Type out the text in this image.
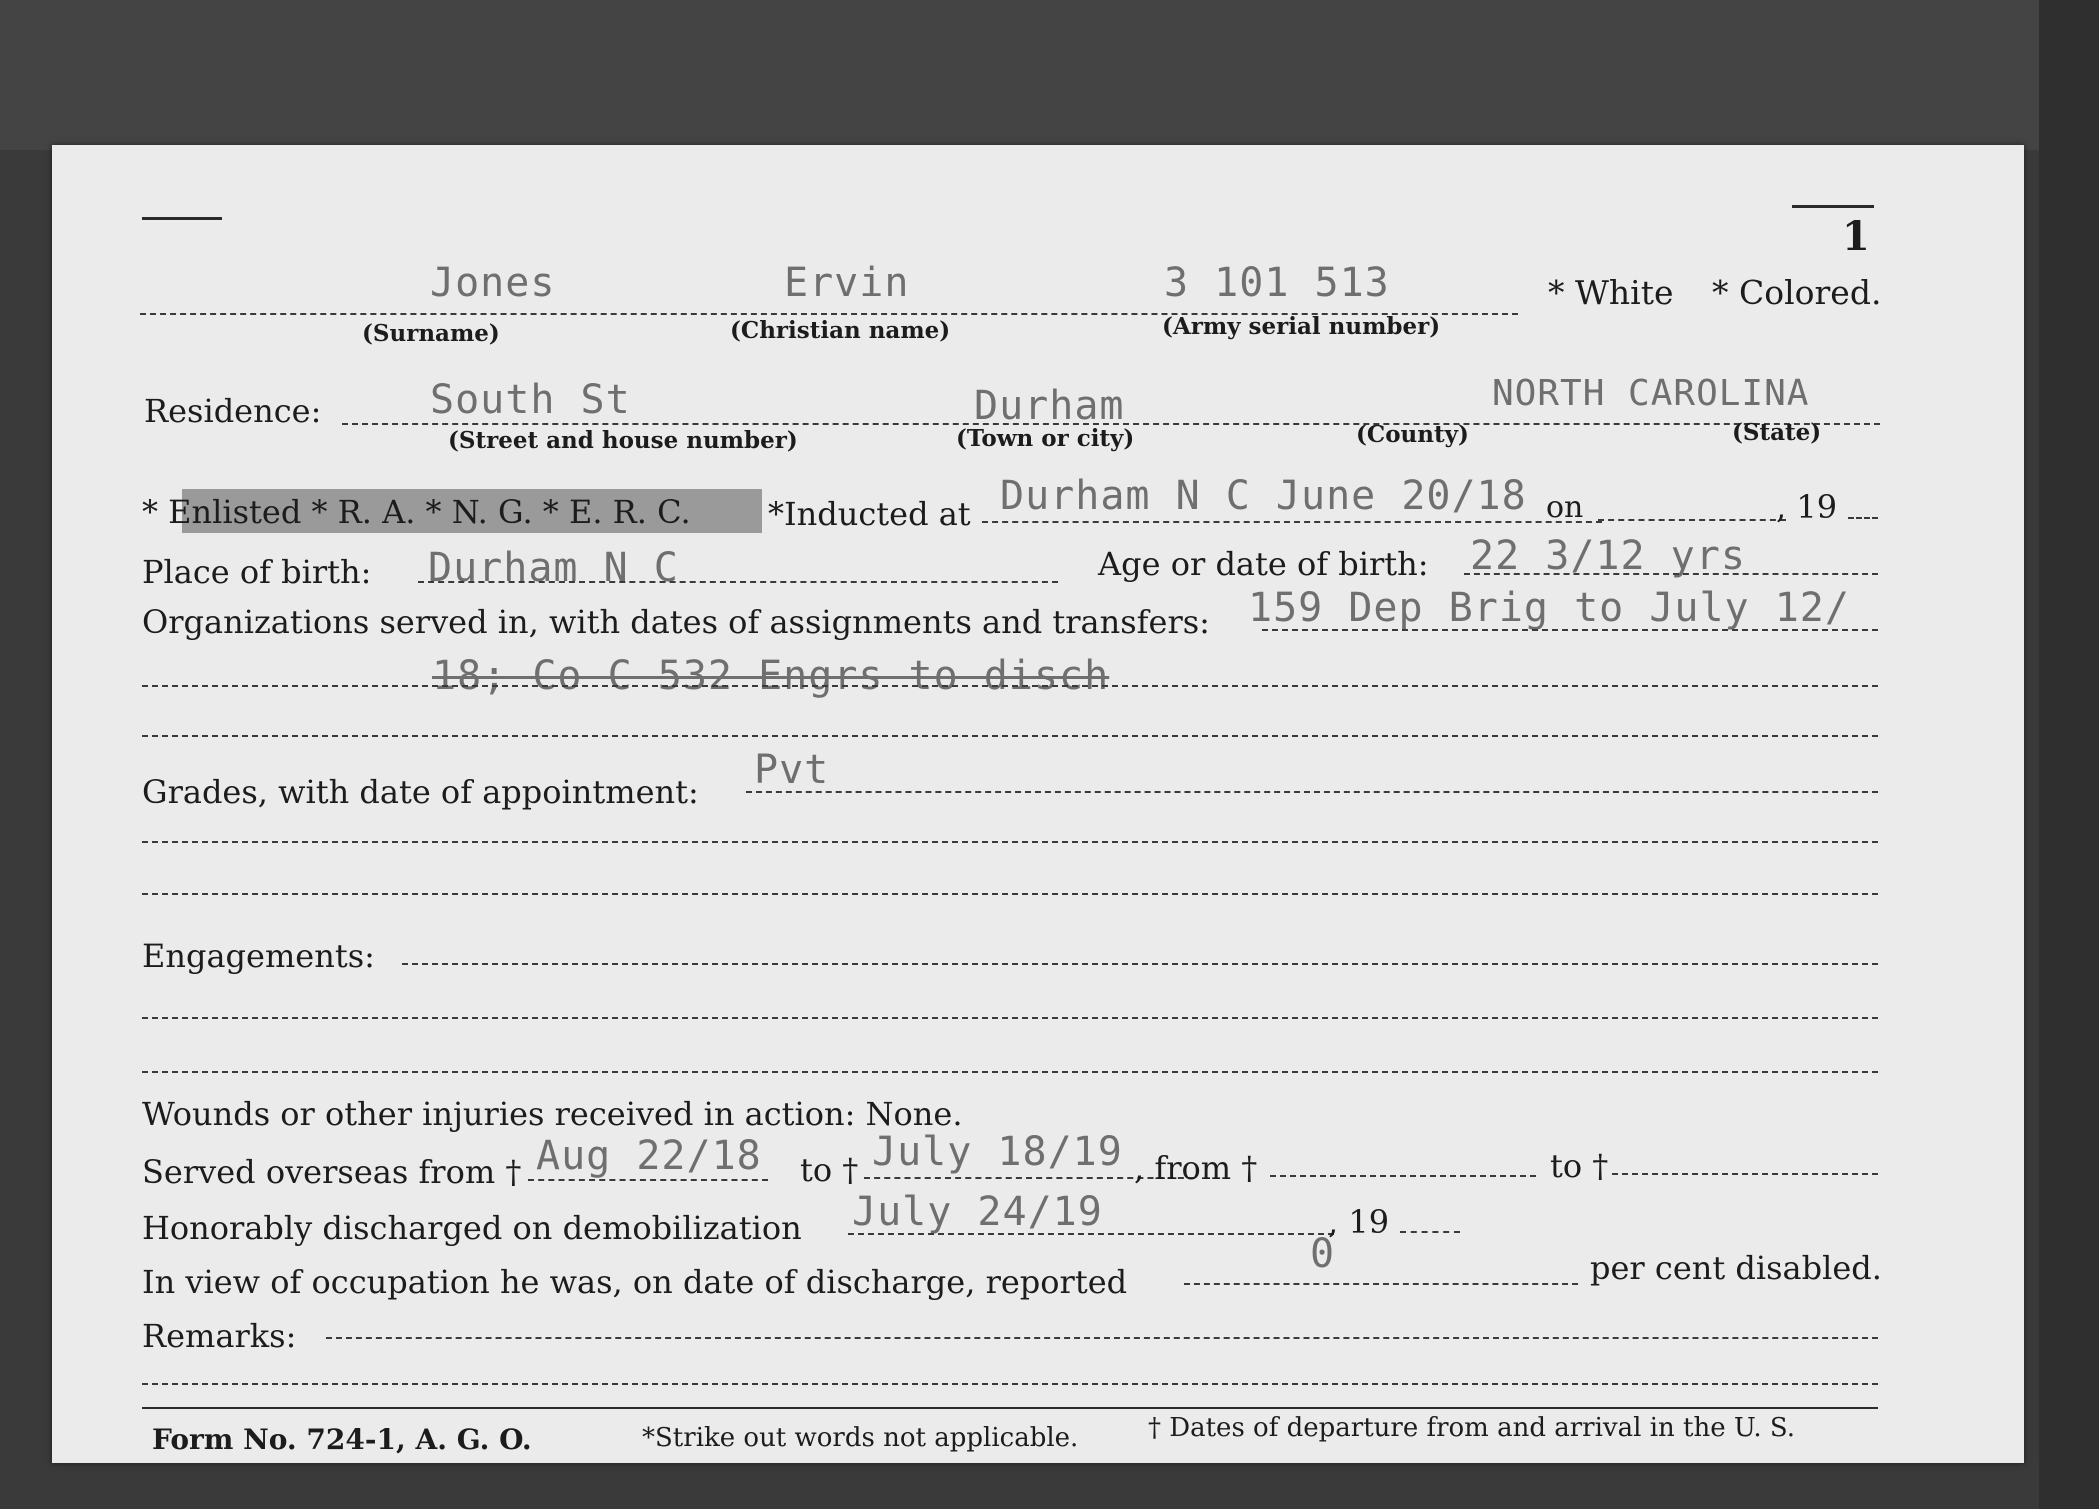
1
Jones	Ervin	3 101 513	* White * Colored.
(Surname)	(Christian name)	(Army serial number)
Residence:	South St	Durham	NORTH CAROLINA
(Street and house number)	(Town or city)	(County)	(State)
* Enlisted * R. A. * N. G. * E. R. C. *Inducted at Durham N C June 20/18 on	, 19
Place of birth: Durham N C	Age or date of birth: 22 3/12 yrs
Organizations served in, with dates of assignments and transfers: 159 Dep Brig to July 12/
18; Co C 532 Engrs to disch
Grades, with date of appointment: Pvt
Engagements:
Wounds or other injuries received in action: None.
Served overseas from † Aug 22/18 to † July 18/19 , from †	to †
Honorably discharged on demobilization July 24/19	, 19
In view of occupation he was, on date of discharge, reported
0	per cent disabled.
Remarks:
Form No. 724-1, A. G. O.	*Strike out words not applicable.	† Dates of departure from and arrival in the U. S.
